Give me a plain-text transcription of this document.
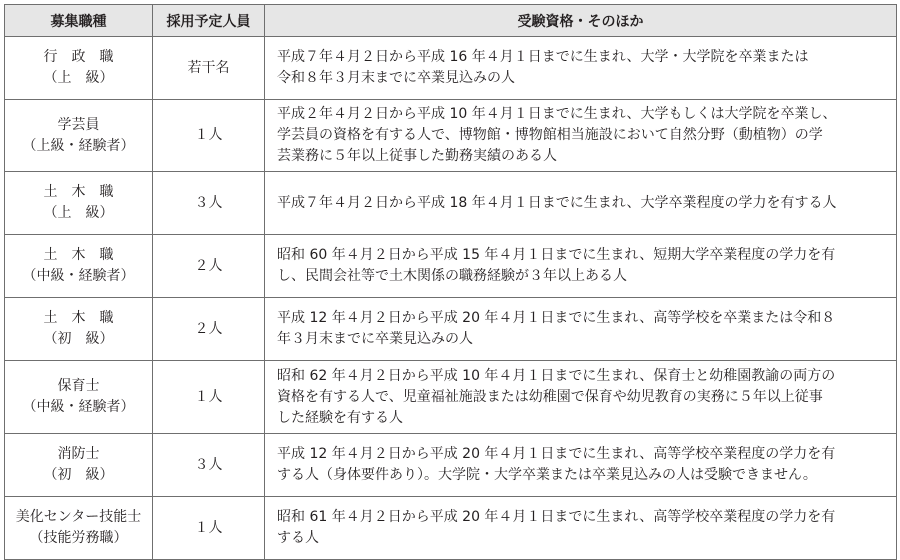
募集職種	採用予定人員	受験資格・そのほか

行　政　職
（上　級）	若干名	平成７年４月２日から平成 16 年４月１日までに生まれ、大学・大学院を卒業または
令和８年３月末までに卒業見込みの人

学芸員
（上級・経験者）	１人	平成２年４月２日から平成 10 年４月１日までに生まれ、大学もしくは大学院を卒業し、
学芸員の資格を有する人で、博物館・博物館相当施設において自然分野（動植物）の学
芸業務に５年以上従事した勤務実績のある人

土　木　職
（上　級）	３人	平成７年４月２日から平成 18 年４月１日までに生まれ、大学卒業程度の学力を有する人

土　木　職
（中級・経験者）	２人	昭和 60 年４月２日から平成 15 年４月１日までに生まれ、短期大学卒業程度の学力を有
し、民間会社等で土木関係の職務経験が３年以上ある人

土　木　職
（初　級）	２人	平成 12 年４月２日から平成 20 年４月１日までに生まれ、高等学校を卒業または令和８
年３月末までに卒業見込みの人

保育士
（中級・経験者）	１人	昭和 62 年４月２日から平成 10 年４月１日までに生まれ、保育士と幼稚園教諭の両方の
資格を有する人で、児童福祉施設または幼稚園で保育や幼児教育の実務に５年以上従事
した経験を有する人

消防士
（初　級）	３人	平成 12 年４月２日から平成 20 年４月１日までに生まれ、高等学校卒業程度の学力を有
する人（身体要件あり）。大学院・大学卒業または卒業見込みの人は受験できません。

美化センター技能士
（技能労務職）	１人	昭和 61 年４月２日から平成 20 年４月１日までに生まれ、高等学校卒業程度の学力を有
する人
